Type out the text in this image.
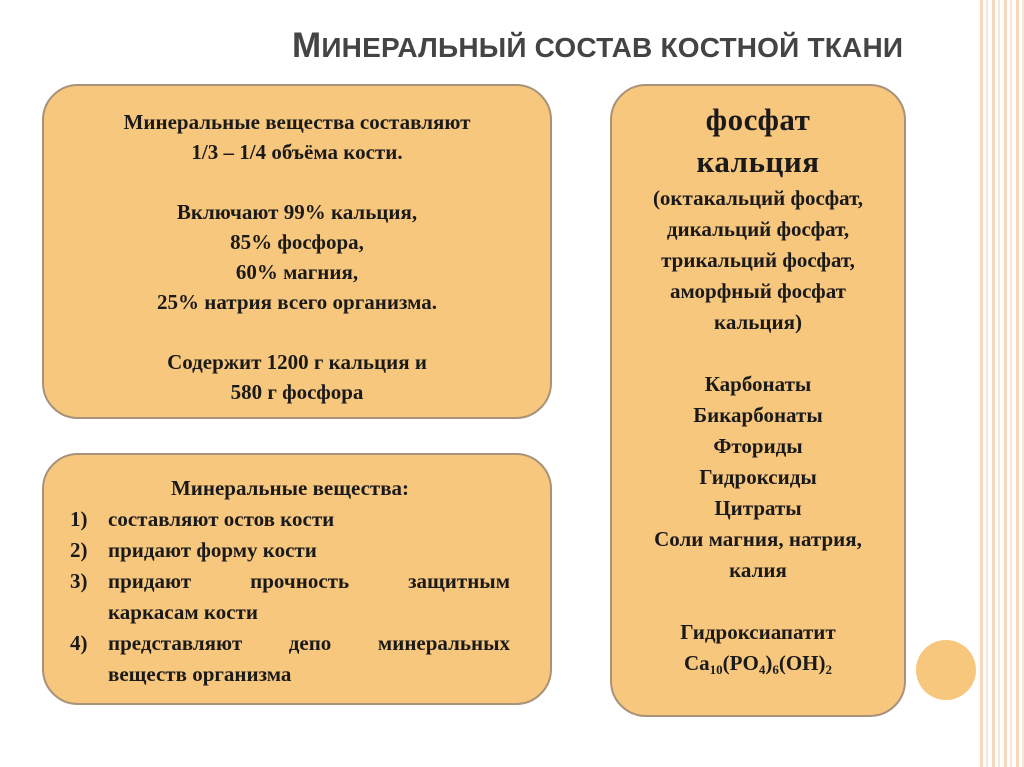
МИНЕРАЛЬНЫЙ СОСТАВ КОСТНОЙ ТКАНИ
Минеральные вещества составляют
1/3 – 1/4 объёма кости.
Включают 99% кальция,
85% фосфора,
60% магния,
25% натрия всего организма.
Содержит 1200 г кальция и
580 г фосфора
Минеральные вещества:
1) составляют остов кости
2) придают форму кости
3) придают прочность защитным
каркасам кости
4) представляют депо минеральных
веществ организма
фосфат
кальция
(октакальций фосфат,
дикальций фосфат,
трикальций фосфат,
аморфный фосфат
кальция)
Карбонаты
Бикарбонаты
Фториды
Гидроксиды
Цитраты
Соли магния, натрия,
калия
Гидроксиапатит
$Ca_{10}(PO_4)_6(OH)_2$
